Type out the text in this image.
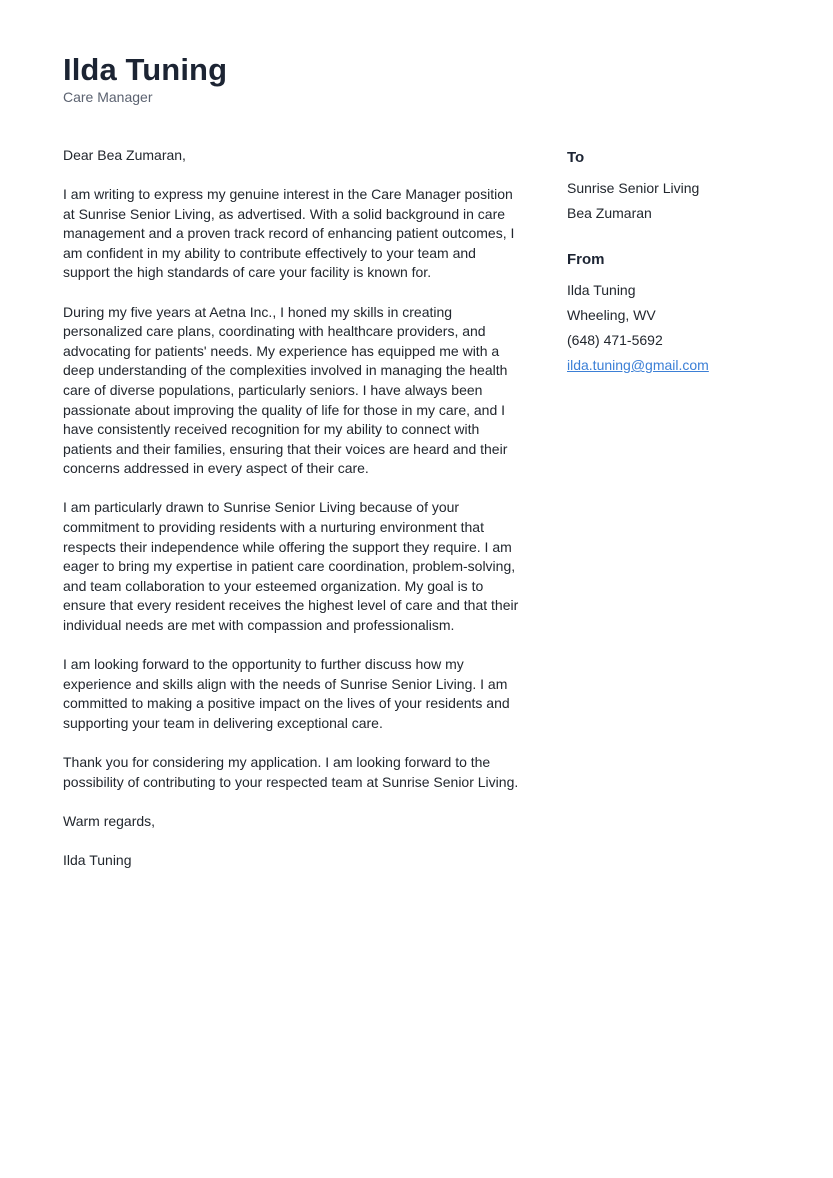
Ilda Tuning
Care Manager

Dear Bea Zumaran,

I am writing to express my genuine interest in the Care Manager position at Sunrise Senior Living, as advertised. With a solid background in care management and a proven track record of enhancing patient outcomes, I am confident in my ability to contribute effectively to your team and support the high standards of care your facility is known for.

During my five years at Aetna Inc., I honed my skills in creating personalized care plans, coordinating with healthcare providers, and advocating for patients' needs. My experience has equipped me with a deep understanding of the complexities involved in managing the health care of diverse populations, particularly seniors. I have always been passionate about improving the quality of life for those in my care, and I have consistently received recognition for my ability to connect with patients and their families, ensuring that their voices are heard and their concerns addressed in every aspect of their care.

I am particularly drawn to Sunrise Senior Living because of your commitment to providing residents with a nurturing environment that respects their independence while offering the support they require. I am eager to bring my expertise in patient care coordination, problem-solving, and team collaboration to your esteemed organization. My goal is to ensure that every resident receives the highest level of care and that their individual needs are met with compassion and professionalism.

I am looking forward to the opportunity to further discuss how my experience and skills align with the needs of Sunrise Senior Living. I am committed to making a positive impact on the lives of your residents and supporting your team in delivering exceptional care.

Thank you for considering my application. I am looking forward to the possibility of contributing to your respected team at Sunrise Senior Living.

Warm regards,

Ilda Tuning

To
Sunrise Senior Living
Bea Zumaran
From
Ilda Tuning
Wheeling, WV
(648) 471-5692
ilda.tuning@gmail.com
